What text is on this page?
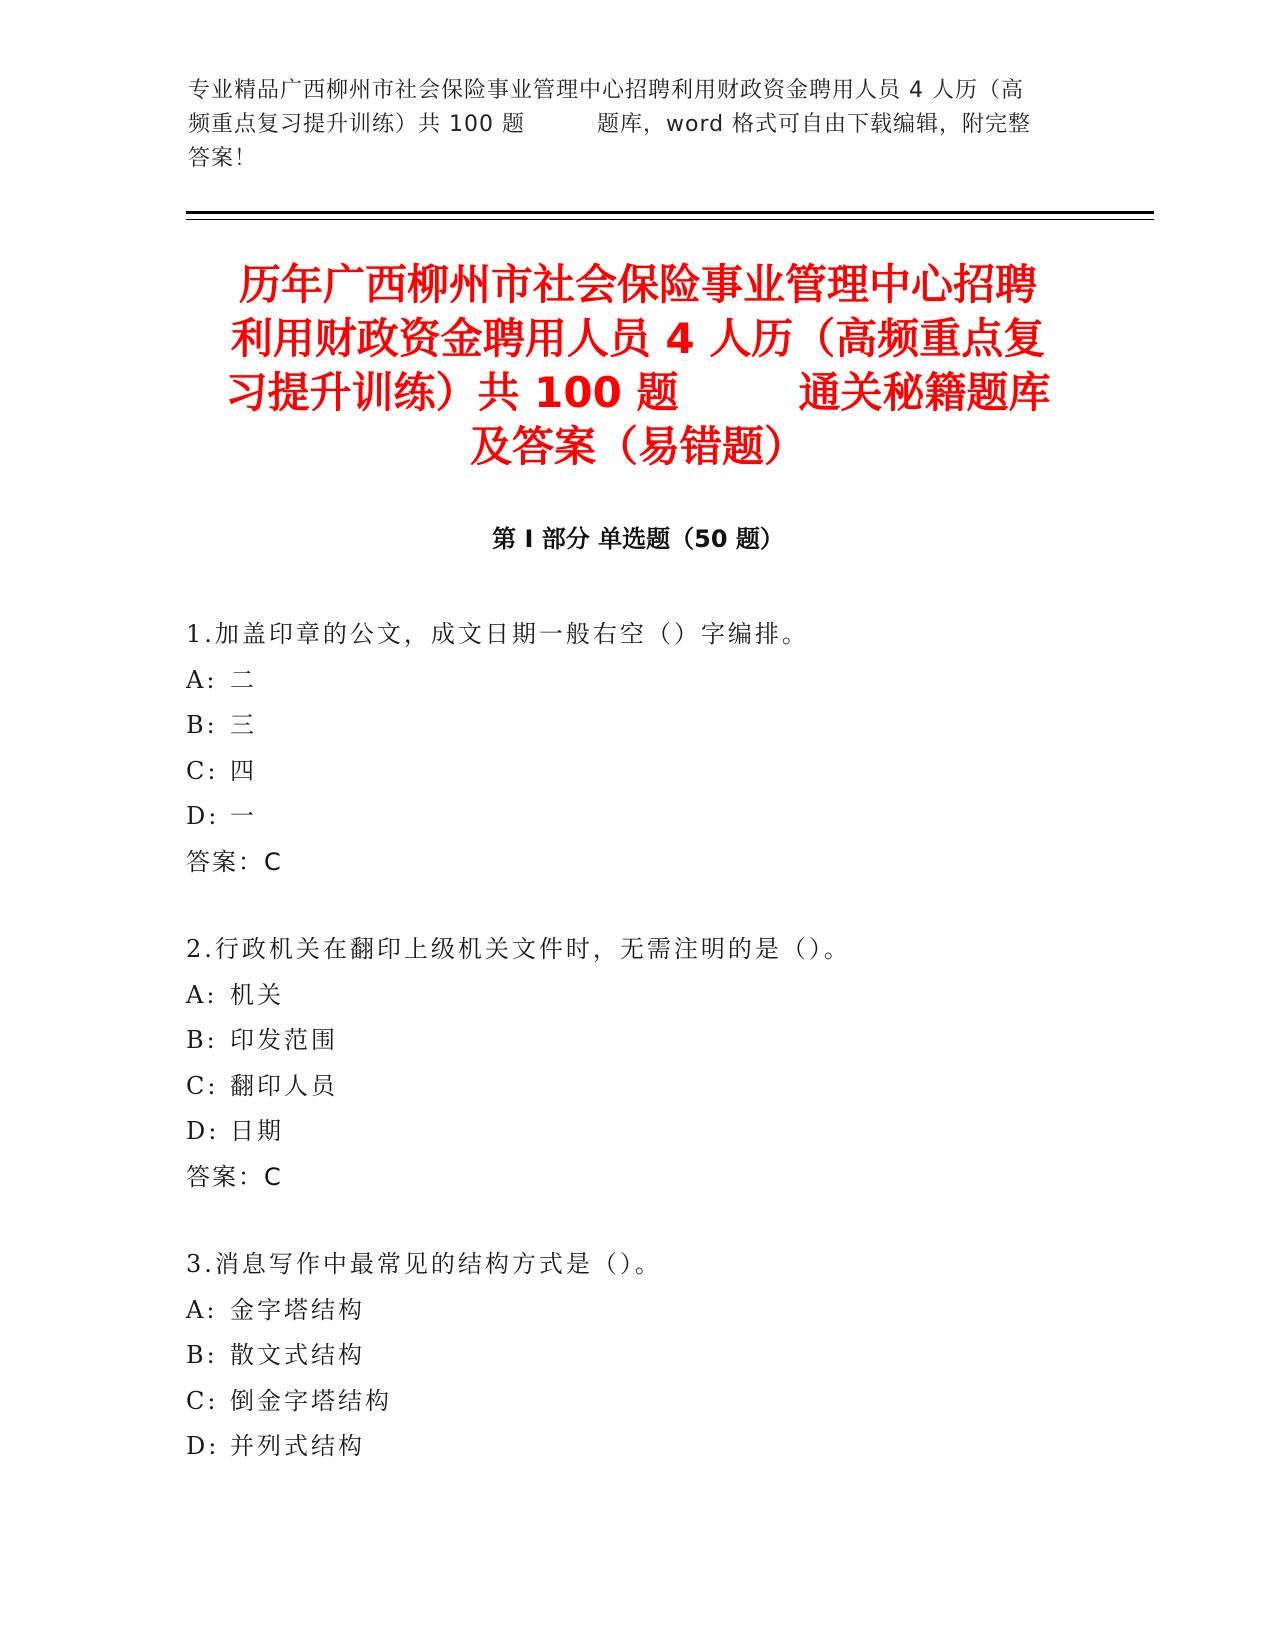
专业精品广西柳州市社会保险事业管理中心招聘利用财政资金聘用人员 4 人历（高
频重点复习提升训练）共 100 题	题库，word 格式可自由下载编辑，附完整
答案！
历年广西柳州市社会保险事业管理中心招聘
利用财政资金聘用人员 4 人历（高频重点复
习提升训练）共 100 题	通关秘籍题库
及答案（易错题）
第 I 部分 单选题（50 题）
1.加盖印章的公文，成文日期一般右空（）字编排。
A: 二
B: 三
C: 四
D: 一
答案：C
2.行政机关在翻印上级机关文件时，无需注明的是（）。
A: 机关
B: 印发范围
C: 翻印人员
D: 日期
答案：C
3.消息写作中最常见的结构方式是（）。
A: 金字塔结构
B: 散文式结构
C: 倒金字塔结构
D: 并列式结构
